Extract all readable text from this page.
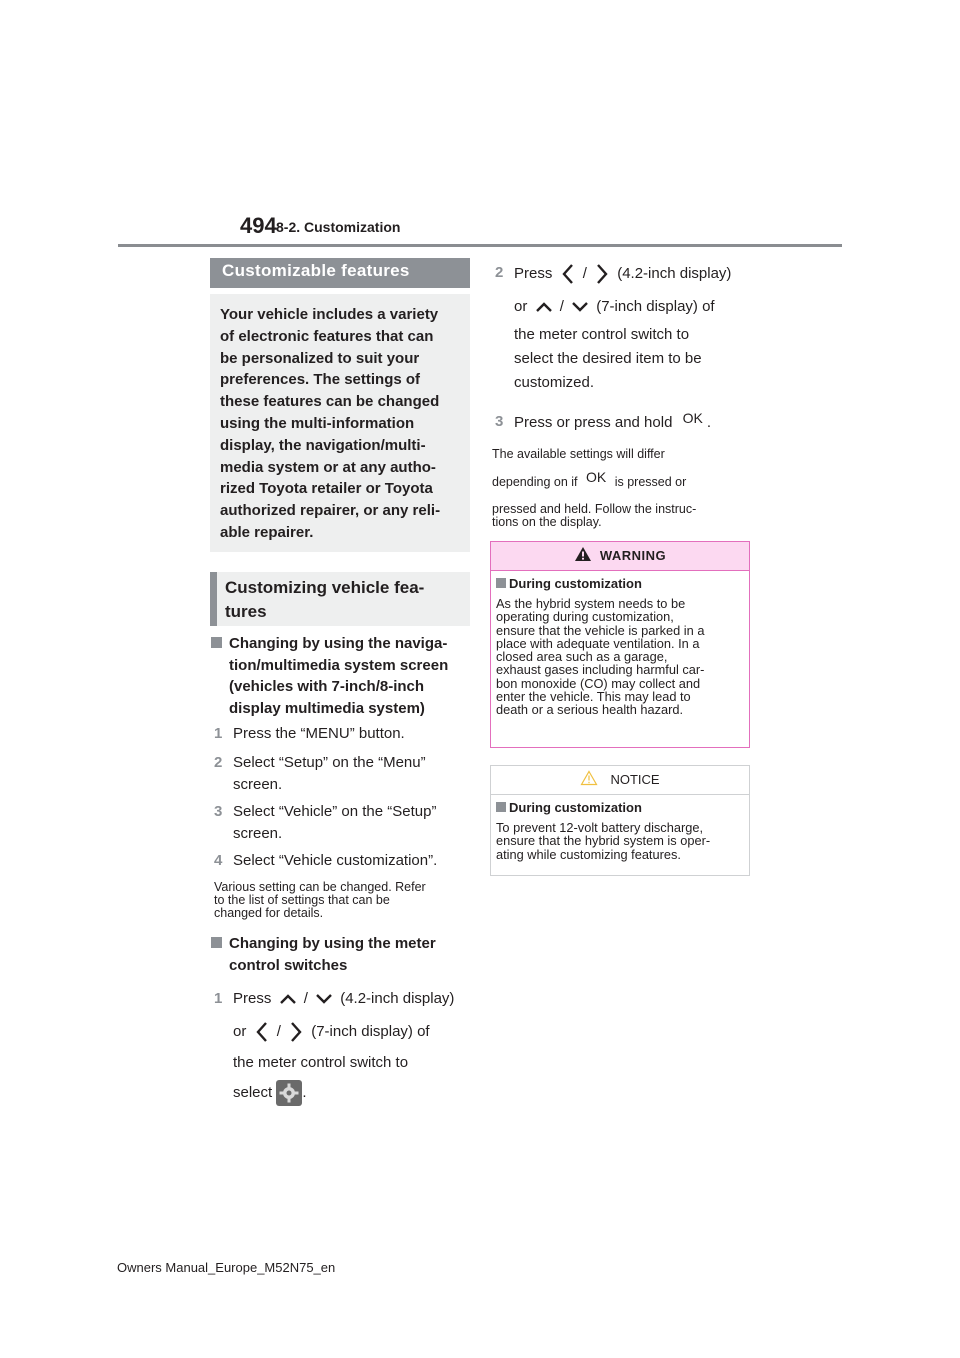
494 8-2. Customization
Customizable features
Your vehicle includes a variety
of electronic features that can
be personalized to suit your
preferences. The settings of
these features can be changed
using the multi-information
display, the navigation/multi-
media system or at any autho-
rized Toyota retailer or Toyota
authorized repairer, or any reli-
able repairer.
Customizing vehicle fea-
tures
Changing by using the naviga-
tion/multimedia system screen
(vehicles with 7-inch/8-inch
display multimedia system)
1 Press the “MENU” button.
2 Select “Setup” on the “Menu”
screen.
3 Select “Vehicle” on the “Setup”
screen.
4 Select “Vehicle customization”.
Various setting can be changed. Refer
to the list of settings that can be
changed for details.
Changing by using the meter
control switches
1 Press / (4.2-inch display)
or / (7-inch display) of
the meter control switch to
select .
2 Press / (4.2-inch display)
or / (7-inch display) of
the meter control switch to
select the desired item to be
customized.
3 Press or press and hold OK .
The available settings will differ
depending on if OK is pressed or
pressed and held. Follow the instruc-
tions on the display.
WARNING
During customization
As the hybrid system needs to be
operating during customization,
ensure that the vehicle is parked in a
place with adequate ventilation. In a
closed area such as a garage,
exhaust gases including harmful car-
bon monoxide (CO) may collect and
enter the vehicle. This may lead to
death or a serious health hazard.
NOTICE
During customization
To prevent 12-volt battery discharge,
ensure that the hybrid system is oper-
ating while customizing features.
Owners Manual_Europe_M52N75_en
